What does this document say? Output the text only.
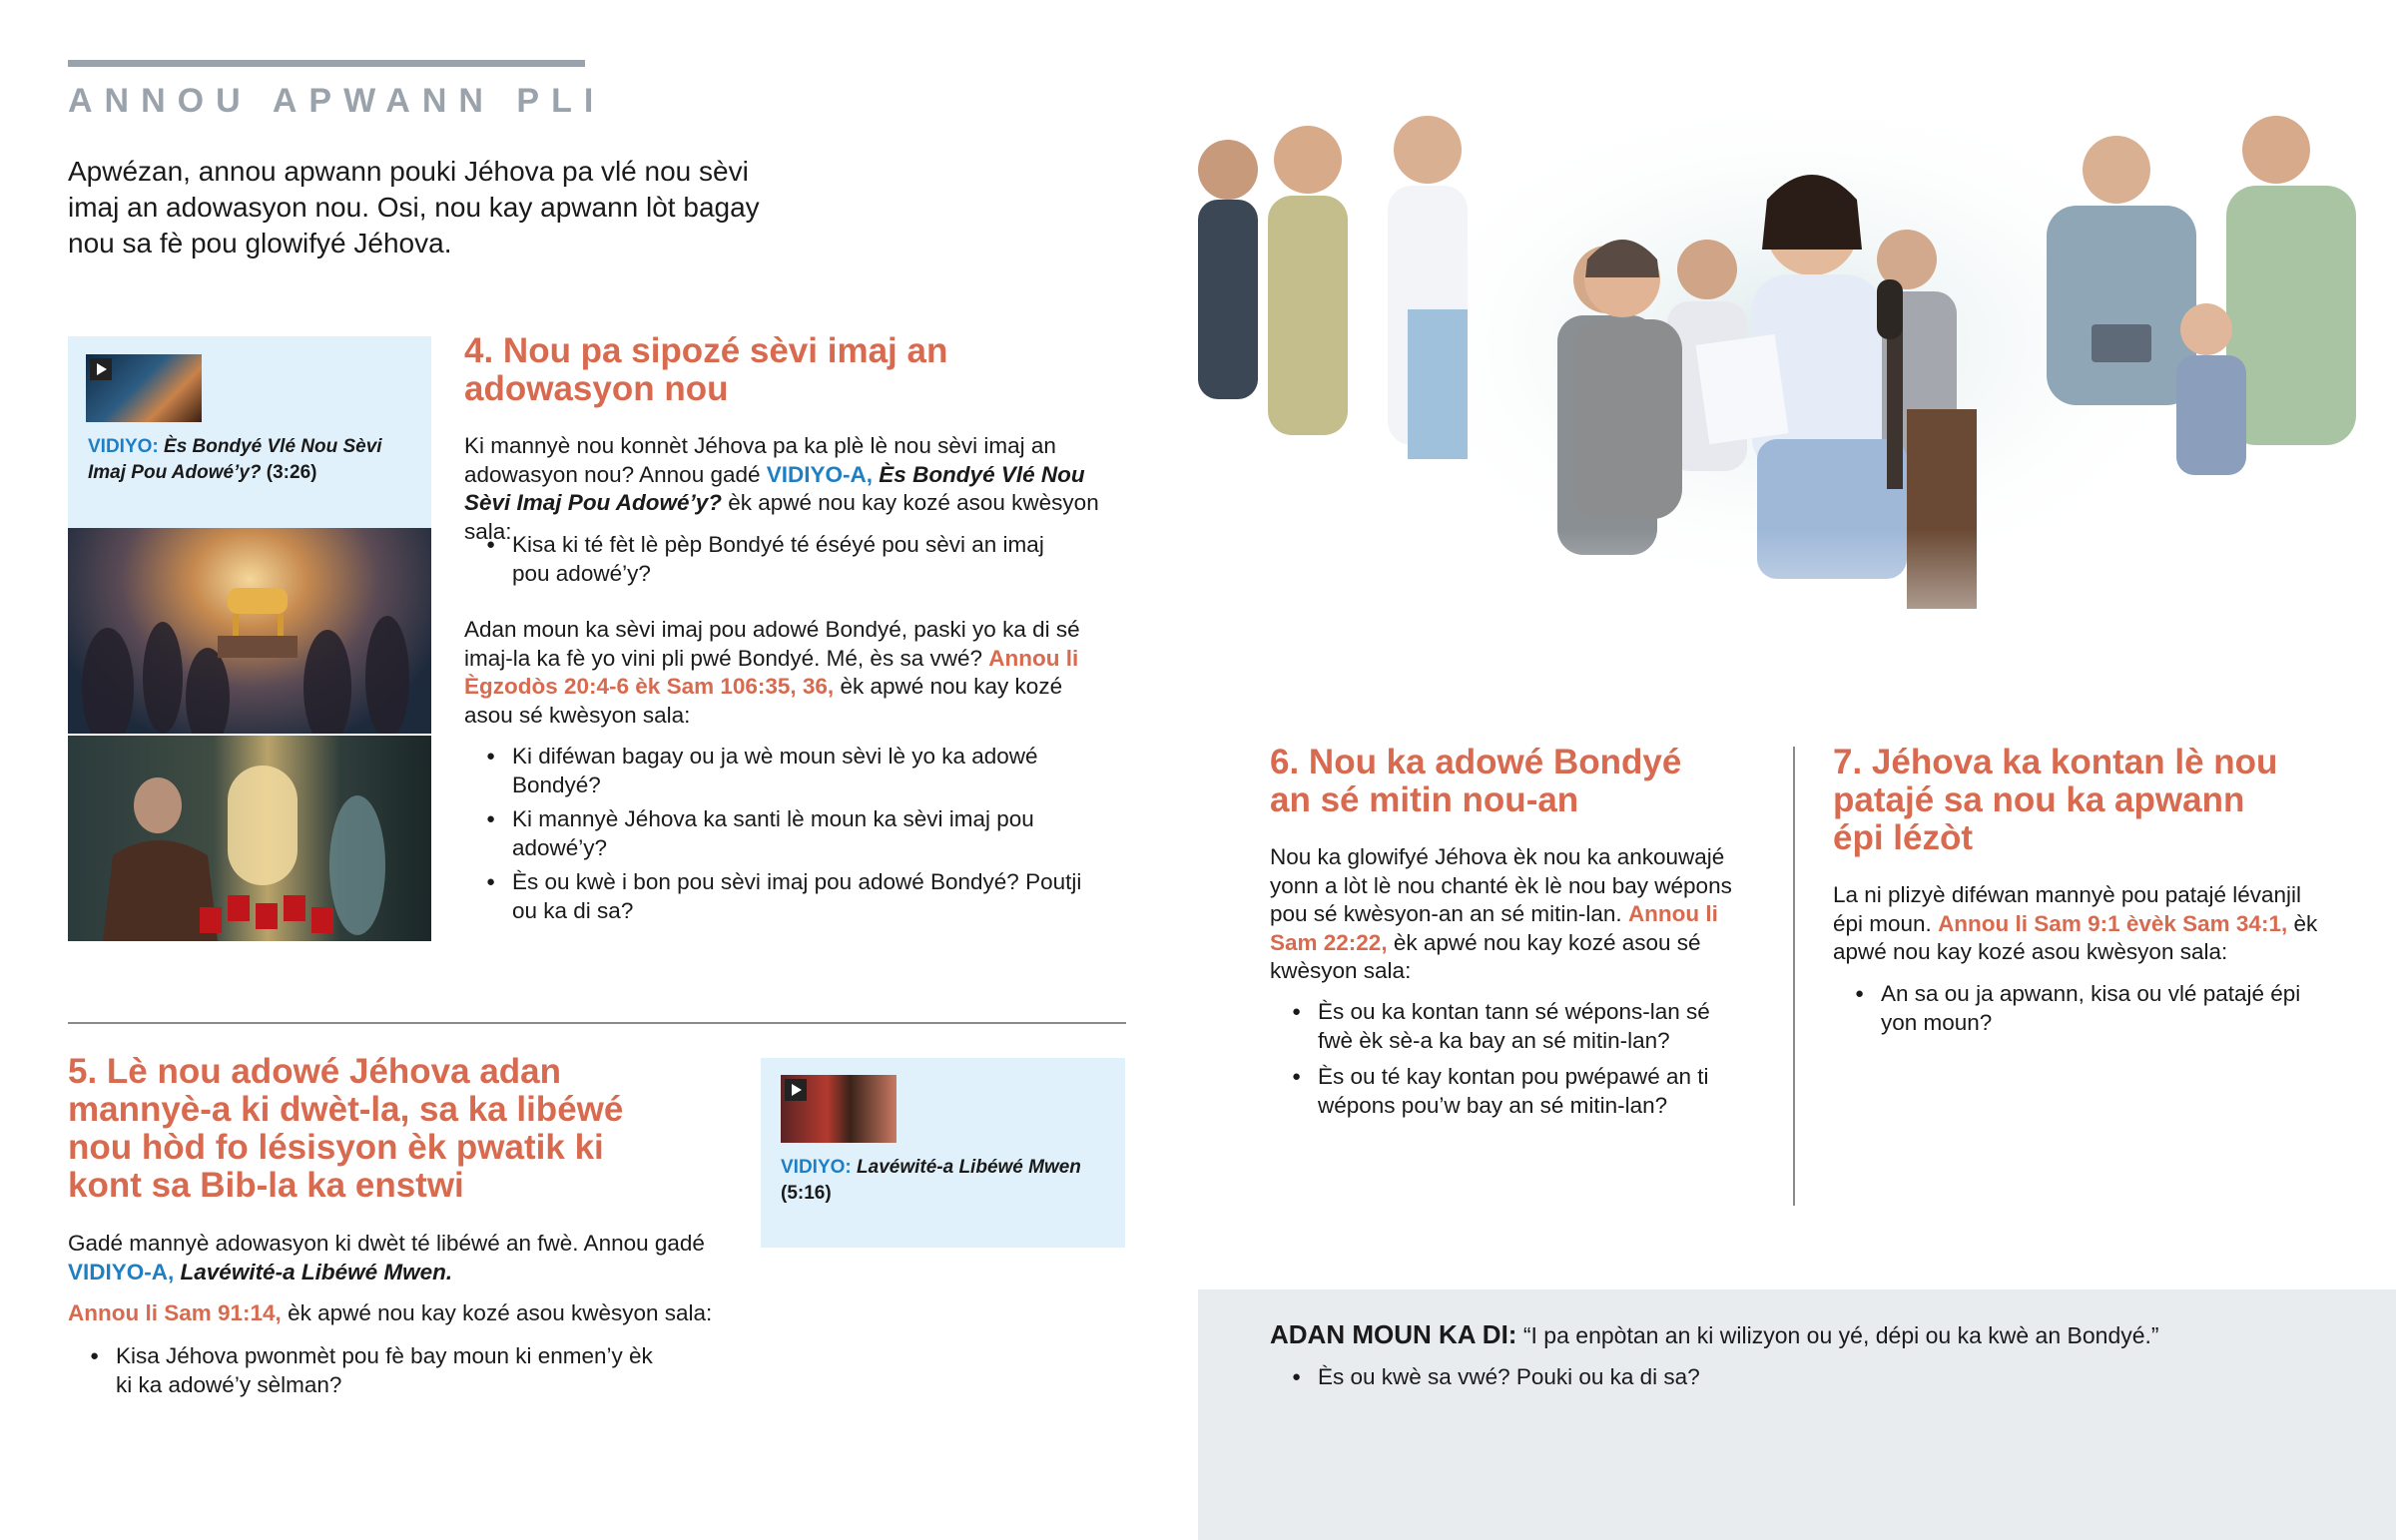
ANNOU APWANN PLI
Apwézan, annou apwann pouki Jéhova pa vlé nou sèvi imaj an adowasyon nou. Osi, nou kay apwann lòt bagay nou sa fè pou glowifyé Jéhova.
VIDIYO: Ès Bondyé Vlé Nou Sèvi Imaj Pou Adowé’y? (3:26)
4. Nou pa sipozé sèvi imaj an adowasyon nou
Ki mannyè nou konnèt Jéhova pa ka plè lè nou sèvi imaj an adowasyon nou? Annou gadé VIDIYO-A, Ès Bondyé Vlé Nou Sèvi Imaj Pou Adowé’y? èk apwé nou kay kozé asou kwèsyon sala:
● Kisa ki té fèt lè pèp Bondyé té éséyé pou sèvi an imaj pou adowé’y?
Adan moun ka sèvi imaj pou adowé Bondyé, paski yo ka di sé imaj-la ka fè yo vini pli pwé Bondyé. Mé, ès sa vwé? Annou li Ègzodòs 20:4-6 èk Sam 106:35, 36, èk apwé nou kay kozé asou sé kwèsyon sala:
● Ki diféwan bagay ou ja wè moun sèvi lè yo ka adowé Bondyé?
● Ki mannyè Jéhova ka santi lè moun ka sèvi imaj pou adowé’y?
● Ès ou kwè i bon pou sèvi imaj pou adowé Bondyé? Poutji ou ka di sa?
5. Lè nou adowé Jéhova adan mannyè-a ki dwèt-la, sa ka libéwé nou hòd fo lésisyon èk pwatik ki kont sa Bib-la ka enstwi
Gadé mannyè adowasyon ki dwèt té libéwé an fwè. Annou gadé VIDIYO-A, Lavéwité-a Libéwé Mwen.
Annou li Sam 91:14, èk apwé nou kay kozé asou kwèsyon sala:
● Kisa Jéhova pwonmèt pou fè bay moun ki enmen’y èk ki ka adowé’y sèlman?
VIDIYO: Lavéwité-a Libéwé Mwen
(5:16)
6. Nou ka adowé Bondyé an sé mitin nou-an
Nou ka glowifyé Jéhova èk nou ka ankouwajé yonn a lòt lè nou chanté èk lè nou bay wépons pou sé kwèsyon-an an sé mitin-lan. Annou li Sam 22:22, èk apwé nou kay kozé asou sé kwèsyon sala:
● Ès ou ka kontan tann sé wépons-lan sé fwè èk sè-a ka bay an sé mitin-lan?
● Ès ou té kay kontan pou pwépawé an ti wépons pou’w bay an sé mitin-lan?
7. Jéhova ka kontan lè nou patajé sa nou ka apwann épi lézòt
La ni plizyè diféwan mannyè pou patajé lévanjil épi moun. Annou li Sam 9:1 èvèk Sam 34:1, èk apwé nou kay kozé asou kwèsyon sala:
● An sa ou ja apwann, kisa ou vlé patajé épi yon moun?
ADAN MOUN KA DI: “I pa enpòtan an ki wilizyon ou yé, dépi ou ka kwè an Bondyé.”
● Ès ou kwè sa vwé? Pouki ou ka di sa?
